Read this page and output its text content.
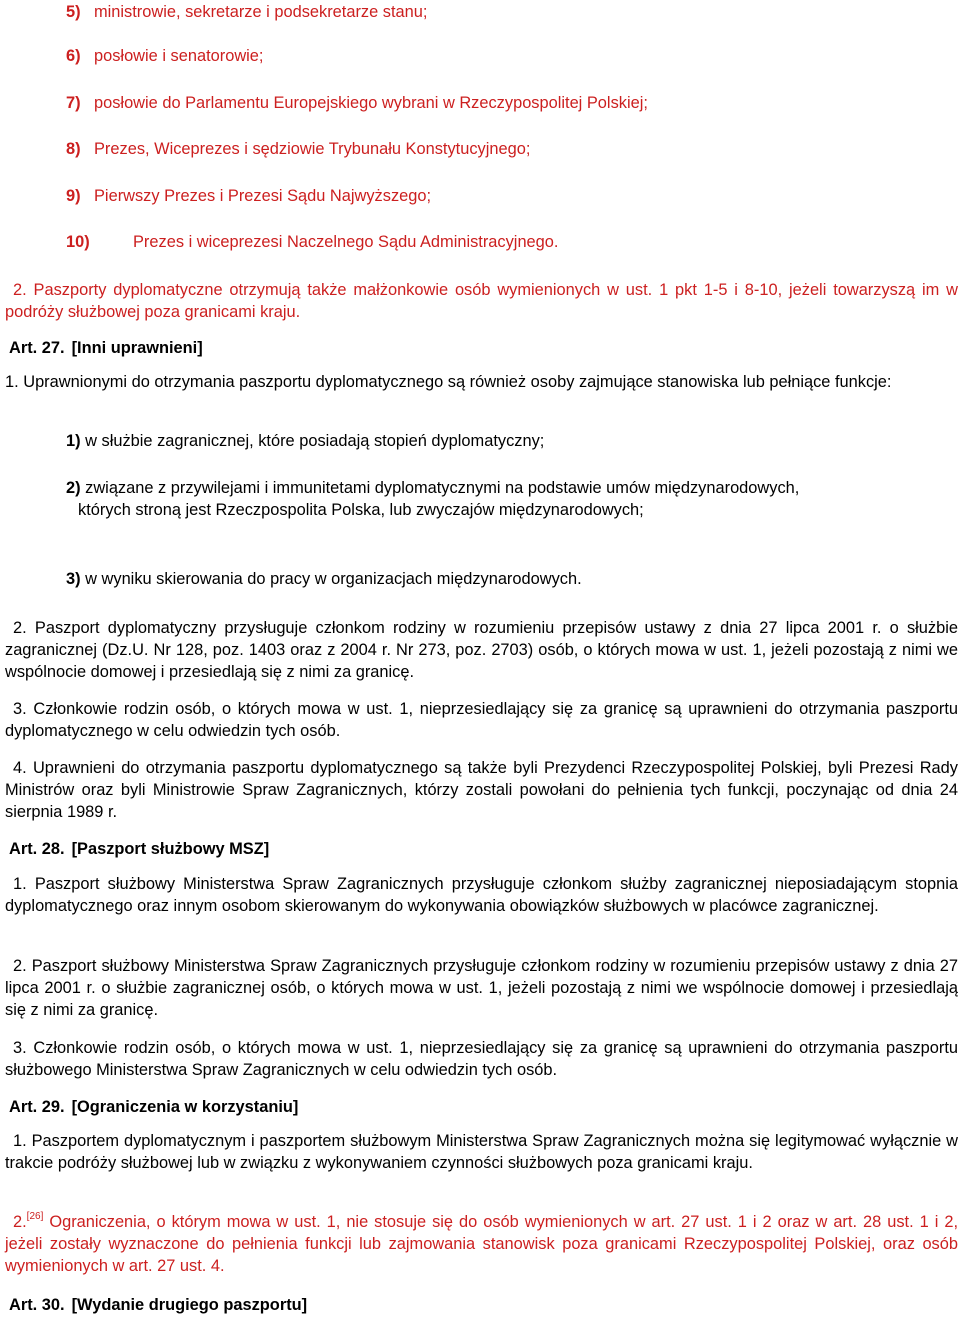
5) ministrowie, sekretarze i podsekretarze stanu;
6) posłowie i senatorowie;
7) posłowie do Parlamentu Europejskiego wybrani w Rzeczypospolitej Polskiej;
8) Prezes, Wiceprezes i sędziowie Trybunału Konstytucyjnego;
9) Pierwszy Prezes i Prezesi Sądu Najwyższego;
10)	Prezes i wiceprezesi Naczelnego Sądu Administracyjnego.
2. Paszporty dyplomatyczne otrzymują także małżonkowie osób wymienionych w ust. 1 pkt 1-5 i 8-10, jeżeli towarzyszą im w podróży służbowej poza granicami kraju.
Art. 27. [Inni uprawnieni]
1. Uprawnionymi do otrzymania paszportu dyplomatycznego są również osoby zajmujące stanowiska lub pełniące funkcje:
1) w służbie zagranicznej, które posiadają stopień dyplomatyczny;
2) związane z przywilejami i immunitetami dyplomatycznymi na podstawie umów międzynarodowych, których stroną jest Rzeczpospolita Polska, lub zwyczajów międzynarodowych;
3) w wyniku skierowania do pracy w organizacjach międzynarodowych.
2. Paszport dyplomatyczny przysługuje członkom rodziny w rozumieniu przepisów ustawy z dnia 27 lipca 2001 r. o służbie zagranicznej (Dz.U. Nr 128, poz. 1403 oraz z 2004 r. Nr 273, poz. 2703) osób, o których mowa w ust. 1, jeżeli pozostają z nimi we wspólnocie domowej i przesiedlają się z nimi za granicę.
3. Członkowie rodzin osób, o których mowa w ust. 1, nieprzesiedlający się za granicę są uprawnieni do otrzymania paszportu dyplomatycznego w celu odwiedzin tych osób.
4. Uprawnieni do otrzymania paszportu dyplomatycznego są także byli Prezydenci Rzeczypospolitej Polskiej, byli Prezesi Rady Ministrów oraz byli Ministrowie Spraw Zagranicznych, którzy zostali powołani do pełnienia tych funkcji, poczynając od dnia 24 sierpnia 1989 r.
Art. 28. [Paszport służbowy MSZ]
1. Paszport służbowy Ministerstwa Spraw Zagranicznych przysługuje członkom służby zagranicznej nieposiadającym stopnia dyplomatycznego oraz innym osobom skierowanym do wykonywania obowiązków służbowych w placówce zagranicznej.
2. Paszport służbowy Ministerstwa Spraw Zagranicznych przysługuje członkom rodziny w rozumieniu przepisów ustawy z dnia 27 lipca 2001 r. o służbie zagranicznej osób, o których mowa w ust. 1, jeżeli pozostają z nimi we wspólnocie domowej i przesiedlają się z nimi za granicę.
3. Członkowie rodzin osób, o których mowa w ust. 1, nieprzesiedlający się za granicę są uprawnieni do otrzymania paszportu służbowego Ministerstwa Spraw Zagranicznych w celu odwiedzin tych osób.
Art. 29. [Ograniczenia w korzystaniu]
1. Paszportem dyplomatycznym i paszportem służbowym Ministerstwa Spraw Zagranicznych można się legitymować wyłącznie w trakcie podróży służbowej lub w związku z wykonywaniem czynności służbowych poza granicami kraju.
2.[26] Ograniczenia, o którym mowa w ust. 1, nie stosuje się do osób wymienionych w art. 27 ust. 1 i 2 oraz w art. 28 ust. 1 i 2, jeżeli zostały wyznaczone do pełnienia funkcji lub zajmowania stanowisk poza granicami Rzeczypospolitej Polskiej, oraz osób wymienionych w art. 27 ust. 4.
Art. 30. [Wydanie drugiego paszportu]
